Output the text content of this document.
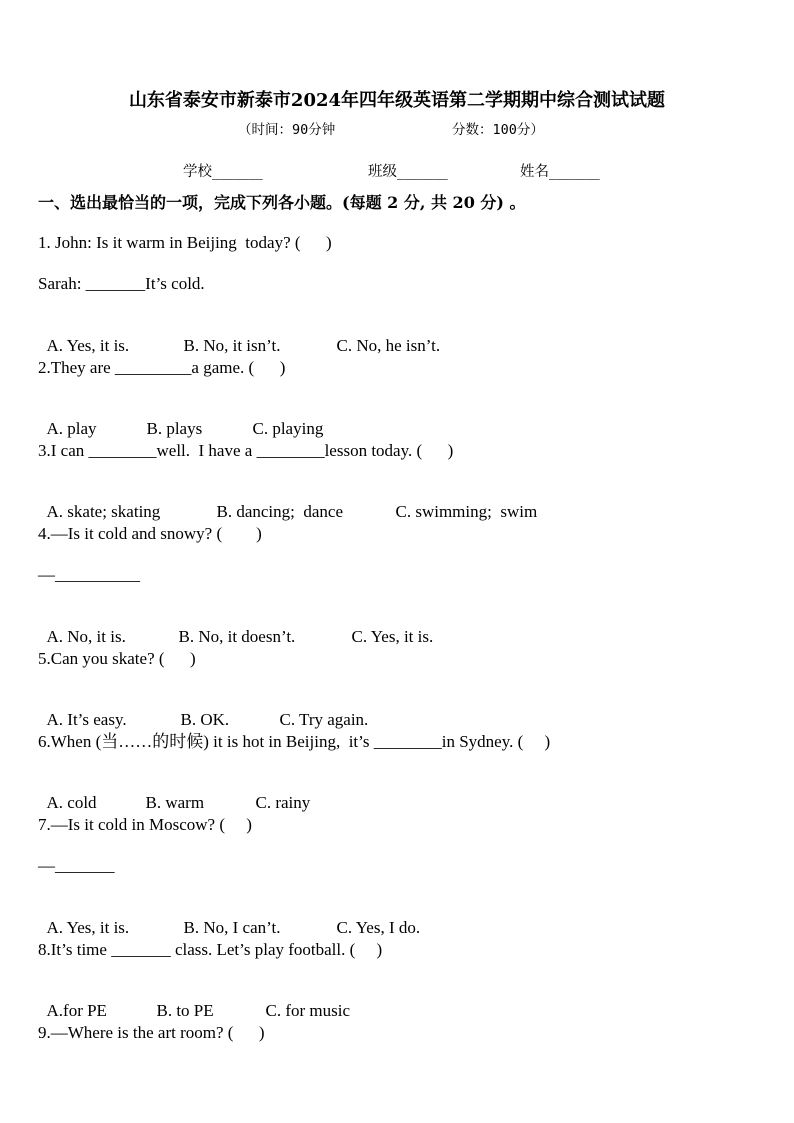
山东省泰安市新泰市2024年四年级英语第二学期期中综合测试试题
（时间：90分钟	分数：100分）
学校_______	班级_______	姓名_______
一、选出最恰当的一项，完成下列各小题。(每题 2 分, 共 20 分) 。
1. John: Is it warm in Beijing  today? (      )
Sarah: _______It’s cold.

A. Yes, it is.	B. No, it isn’t.	C. No, he isn’t.

2.They are _________a game. (      )

A. play	B. plays	C. playing

3.I can ________well.  I have a ________lesson today. (      )

A. skate; skating	B. dancing;  dance	C. swimming;  swim

4.—Is it cold and snowy? (        )
—__________

A. No, it is.	B. No, it doesn’t.	C. Yes, it is.

5.Can you skate? (      )

A. It’s easy.	B. OK.	C. Try again.

6.When (当……的时候) it is hot in Beijing,  it’s ________in Sydney. (     )

A. cold	B. warm	C. rainy

7.—Is it cold in Moscow? (     )
—_______

A. Yes, it is.	B. No, I can’t.	C. Yes, I do.

8.It’s time _______ class. Let’s play football. (     )

A.for PE	B. to PE	C. for music

9.—Where is the art room? (      )
